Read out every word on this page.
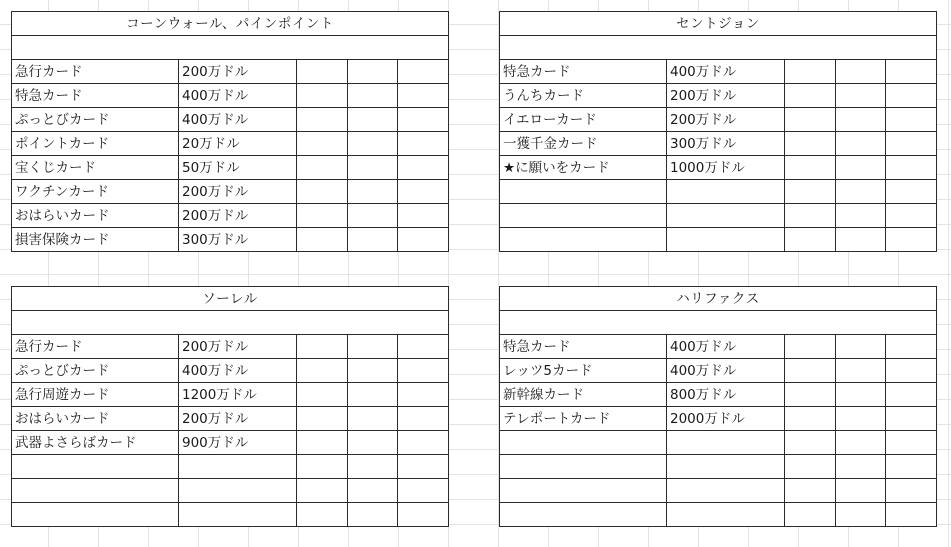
コーンウォール、パインポイント				

急行カード	200万ドル			
特急カード	400万ドル			
ぷっとびカード	400万ドル			
ポイントカード	20万ドル			
宝くじカード	50万ドル			
ワクチンカード	200万ドル			
おはらいカード	200万ドル			
損害保険カード	300万ドル			
セントジョン				

特急カード	400万ドル			
うんちカード	200万ドル			
イエローカード	200万ドル			
一獲千金カード	300万ドル			
★に願いをカード	1000万ドル			

ソーレル				

急行カード	200万ドル			
ぷっとびカード	400万ドル			
急行周遊カード	1200万ドル			
おはらいカード	200万ドル			
武器よさらばカード	900万ドル			

ハリファクス				

特急カード	400万ドル			
レッツ5カード	400万ドル			
新幹線カード	800万ドル			
テレポートカード	2000万ドル			
